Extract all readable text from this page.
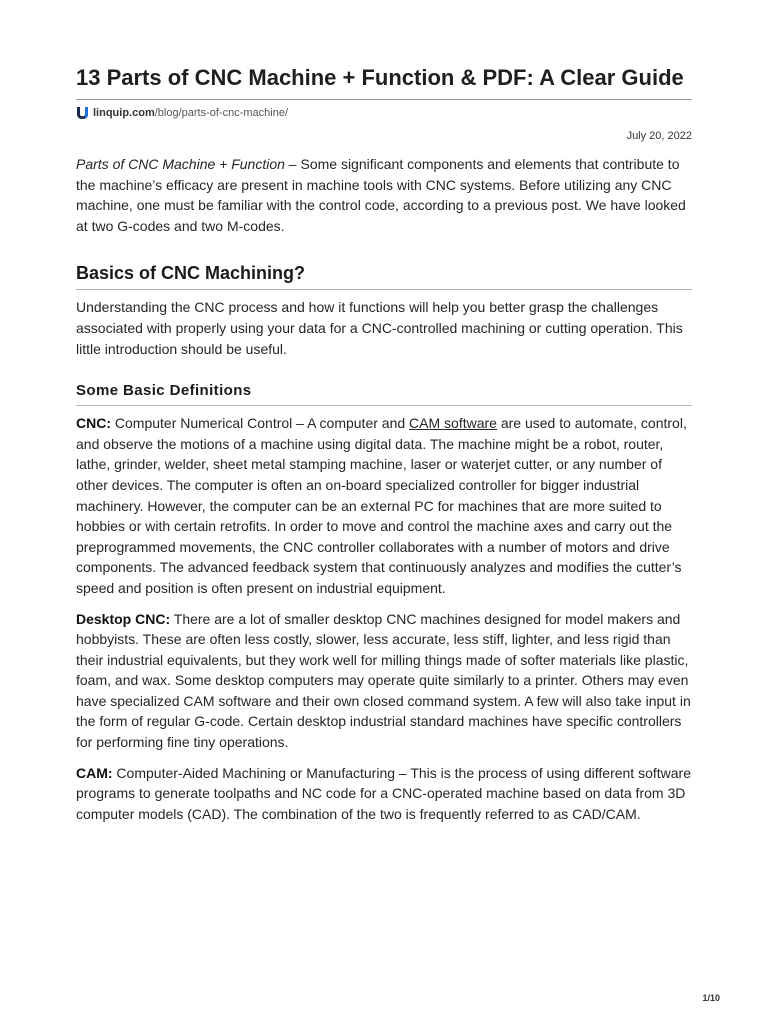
13 Parts of CNC Machine + Function & PDF: A Clear Guide
linquip.com /blog/parts-of-cnc-machine/
July 20, 2022

Parts of CNC Machine + Function – Some significant components and elements that contribute to the machine’s efficacy are present in machine tools with CNC systems. Before utilizing any CNC machine, one must be familiar with the control code, according to a previous post. We have looked at two G-codes and two M-codes.

Basics of CNC Machining?

Understanding the CNC process and how it functions will help you better grasp the challenges associated with properly using your data for a CNC-controlled machining or cutting operation. This little introduction should be useful.

Some Basic Definitions

CNC: Computer Numerical Control – A computer and CAM software are used to automate, control, and observe the motions of a machine using digital data. The machine might be a robot, router, lathe, grinder, welder, sheet metal stamping machine, laser or waterjet cutter, or any number of other devices. The computer is often an on-board specialized controller for bigger industrial machinery. However, the computer can be an external PC for machines that are more suited to hobbies or with certain retrofits. In order to move and control the machine axes and carry out the preprogrammed movements, the CNC controller collaborates with a number of motors and drive components. The advanced feedback system that continuously analyzes and modifies the cutter’s speed and position is often present on industrial equipment.

Desktop CNC: There are a lot of smaller desktop CNC machines designed for model makers and hobbyists. These are often less costly, slower, less accurate, less stiff, lighter, and less rigid than their industrial equivalents, but they work well for milling things made of softer materials like plastic, foam, and wax. Some desktop computers may operate quite similarly to a printer. Others may even have specialized CAM software and their own closed command system. A few will also take input in the form of regular G-code. Certain desktop industrial standard machines have specific controllers for performing fine tiny operations.

CAM: Computer-Aided Machining or Manufacturing – This is the process of using different software programs to generate toolpaths and NC code for a CNC-operated machine based on data from 3D computer models (CAD). The combination of the two is frequently referred to as CAD/CAM.

1/10
